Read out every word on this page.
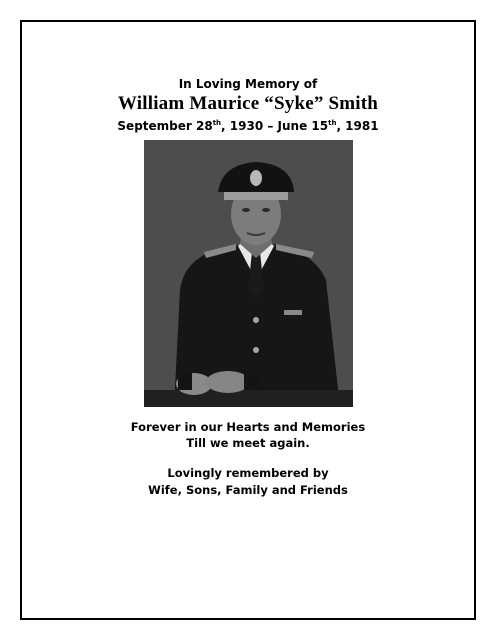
In Loving Memory of
William Maurice “Syke” Smith
September 28th, 1930 – June 15th, 1981
Forever in our Hearts and Memories
Till we meet again.
Lovingly remembered by
Wife, Sons, Family and Friends
